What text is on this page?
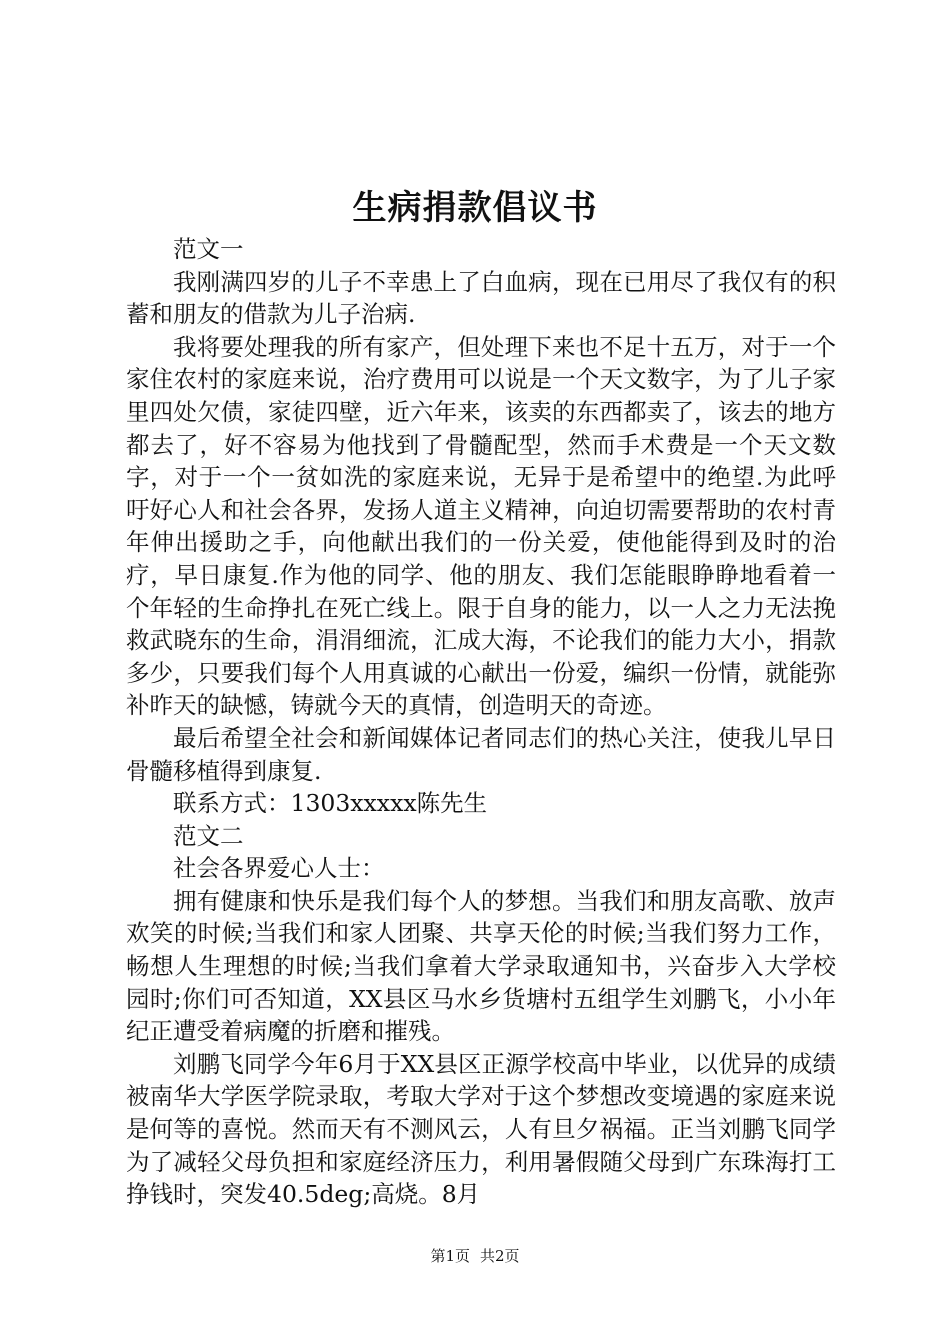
生病捐款倡议书

范文一

我刚满四岁的儿子不幸患上了白血病，现在已用尽了我仅有的积蓄和朋友的借款为儿子治病.

我将要处理我的所有家产，但处理下来也不足十五万，对于一个家住农村的家庭来说，治疗费用可以说是一个天文数字，为了儿子家里四处欠债，家徒四壁，近六年来，该卖的东西都卖了，该去的地方都去了，好不容易为他找到了骨髓配型，然而手术费是一个天文数字，对于一个一贫如洗的家庭来说，无异于是希望中的绝望.为此呼吁好心人和社会各界，发扬人道主义精神，向迫切需要帮助的农村青年伸出援助之手，向他献出我们的一份关爱，使他能得到及时的治疗，早日康复.作为他的同学、他的朋友、我们怎能眼睁睁地看着一个年轻的生命挣扎在死亡线上。限于自身的能力，以一人之力无法挽救武晓东的生命，涓涓细流，汇成大海，不论我们的能力大小，捐款多少，只要我们每个人用真诚的心献出一份爱，编织一份情，就能弥补昨天的缺憾，铸就今天的真情，创造明天的奇迹。

最后希望全社会和新闻媒体记者同志们的热心关注，使我儿早日骨髓移植得到康复.

联系方式：1303xxxxx陈先生

范文二

社会各界爱心人士：

拥有健康和快乐是我们每个人的梦想。当我们和朋友高歌、放声欢笑的时候;当我们和家人团聚、共享天伦的时候;当我们努力工作，畅想人生理想的时候;当我们拿着大学录取通知书，兴奋步入大学校园时;你们可否知道，XX县区马水乡货塘村五组学生刘鹏飞，小小年纪正遭受着病魔的折磨和摧残。

刘鹏飞同学今年6月于XX县区正源学校高中毕业，以优异的成绩被南华大学医学院录取，考取大学对于这个梦想改变境遇的家庭来说是何等的喜悦。然而天有不测风云，人有旦夕祸福。正当刘鹏飞同学为了减轻父母负担和家庭经济压力，利用暑假随父母到广东珠海打工挣钱时，突发40.5deg;高烧。8月

第1页 共2页
